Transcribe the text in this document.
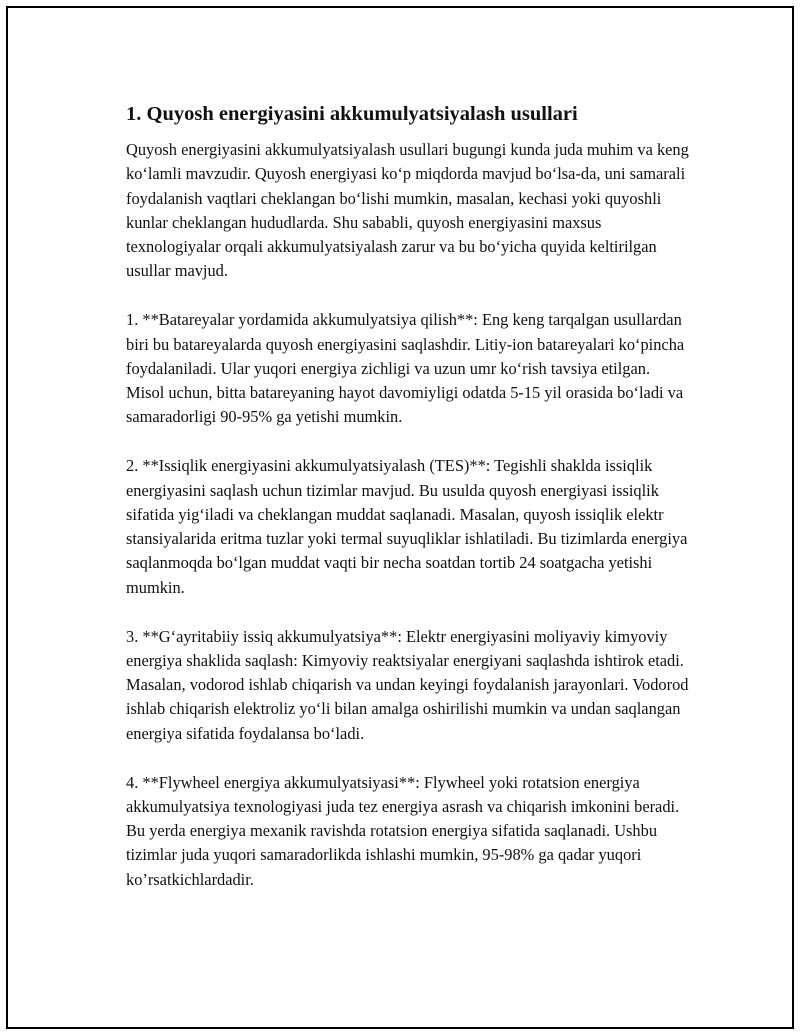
1. Quyosh energiyasini akkumulyatsiyalash usullari

Quyosh energiyasini akkumulyatsiyalash usullari bugungi kunda juda muhim va keng ko‘lamli mavzudir. Quyosh energiyasi ko‘p miqdorda mavjud bo‘lsa-da, uni samarali foydalanish vaqtlari cheklangan bo‘lishi mumkin, masalan, kechasi yoki quyoshli kunlar cheklangan hududlarda. Shu sababli, quyosh energiyasini maxsus texnologiyalar orqali akkumulyatsiyalash zarur va bu bo‘yicha quyida keltirilgan usullar mavjud.

1. **Batareyalar yordamida akkumulyatsiya qilish**: Eng keng tarqalgan usullardan biri bu batareyalarda quyosh energiyasini saqlashdir. Litiy-ion batareyalari ko‘pincha foydalaniladi. Ular yuqori energiya zichligi va uzun umr ko‘rish tavsiya etilgan. Misol uchun, bitta batareyaning hayot davomiyligi odatda 5-15 yil orasida bo‘ladi va samaradorligi 90-95% ga yetishi mumkin.

2. **Issiqlik energiyasini akkumulyatsiyalash (TES)**: Tegishli shaklda issiqlik energiyasini saqlash uchun tizimlar mavjud. Bu usulda quyosh energiyasi issiqlik sifatida yig‘iladi va cheklangan muddat saqlanadi. Masalan, quyosh issiqlik elektr stansiyalarida eritma tuzlar yoki termal suyuqliklar ishlatiladi. Bu tizimlarda energiya saqlanmoqda bo‘lgan muddat vaqti bir necha soatdan tortib 24 soatgacha yetishi mumkin.

3. **G‘ayritabiiy issiq akkumulyatsiya**: Elektr energiyasini moliyaviy kimyoviy energiya shaklida saqlash: Kimyoviy reaktsiyalar energiyani saqlashda ishtirok etadi. Masalan, vodorod ishlab chiqarish va undan keyingi foydalanish jarayonlari. Vodorod ishlab chiqarish elektroliz yo‘li bilan amalga oshirilishi mumkin va undan saqlangan energiya sifatida foydalansa bo‘ladi.

4. **Flywheel energiya akkumulyatsiyasi**: Flywheel yoki rotatsion energiya akkumulyatsiya texnologiyasi juda tez energiya asrash va chiqarish imkonini beradi. Bu yerda energiya mexanik ravishda rotatsion energiya sifatida saqlanadi. Ushbu tizimlar juda yuqori samaradorlikda ishlashi mumkin, 95-98% ga qadar yuqori ko’rsatkichlardadir.
